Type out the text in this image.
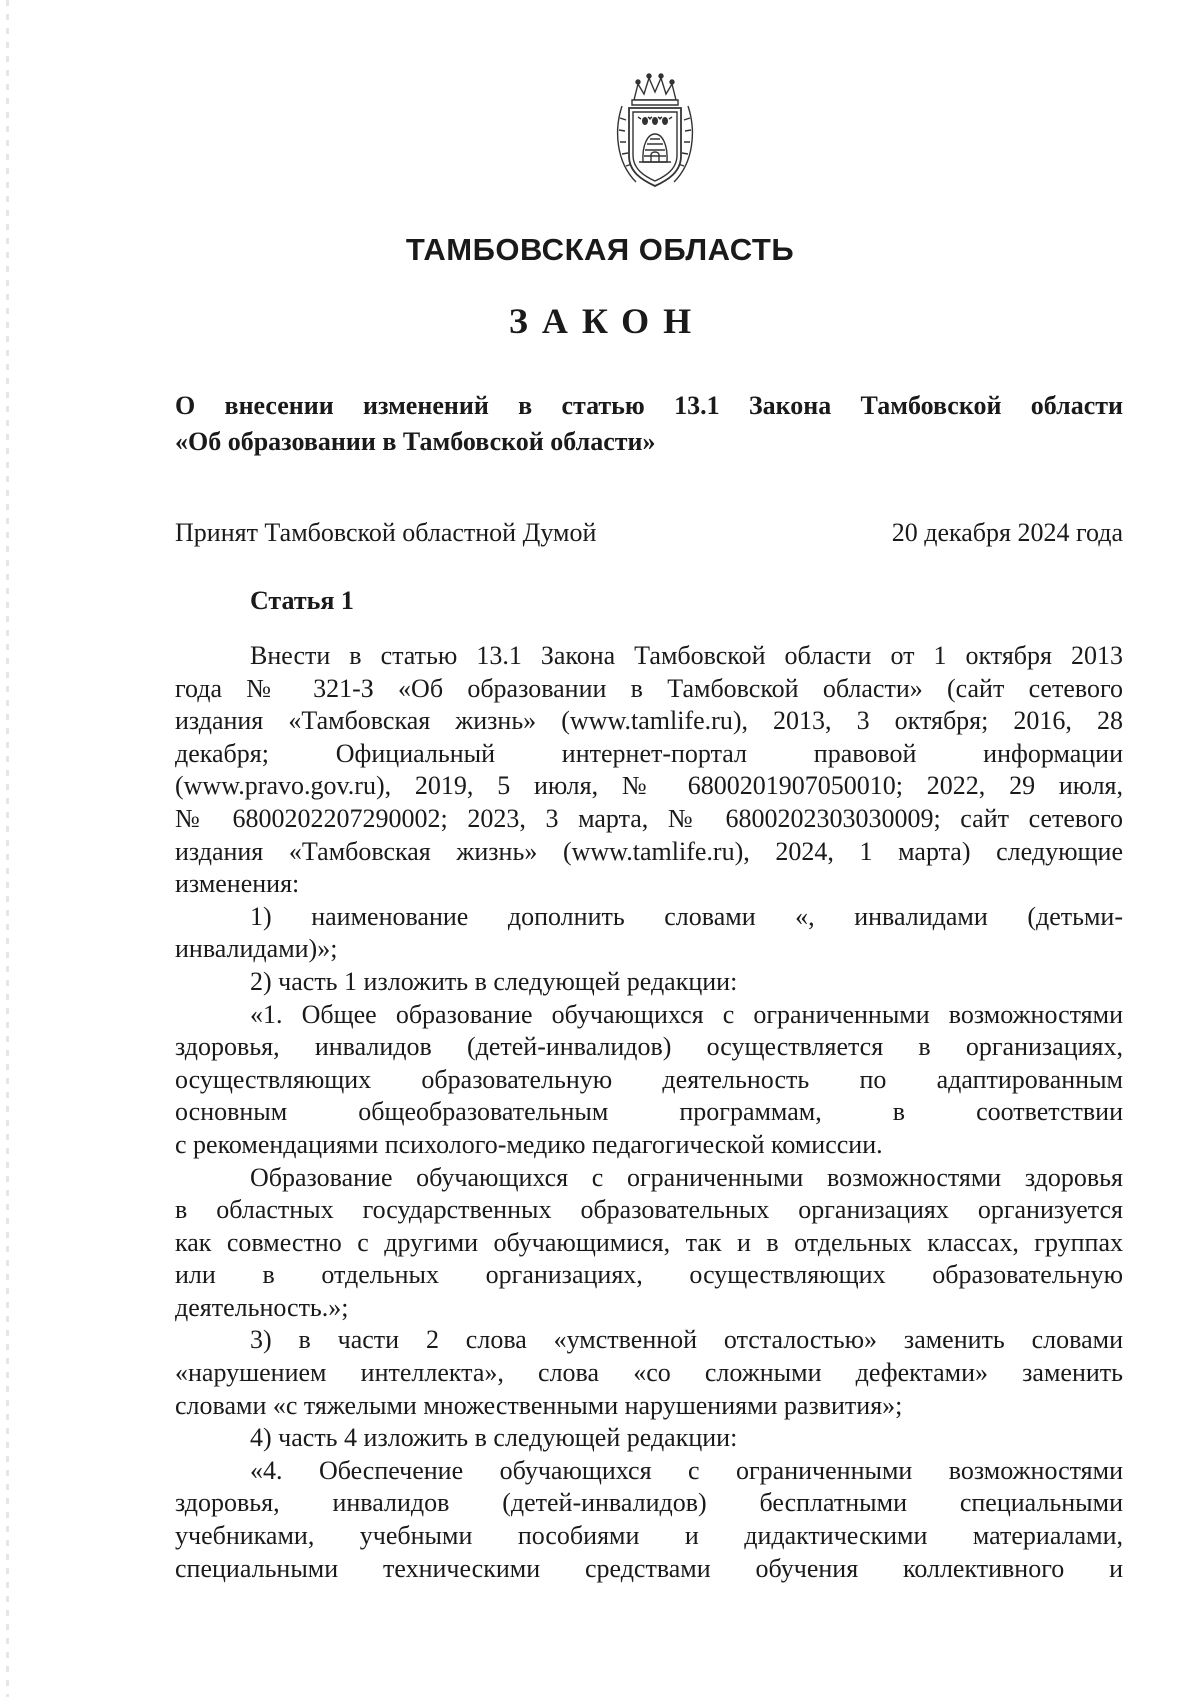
ТАМБОВСКАЯ ОБЛАСТЬ
ЗАКОН
О внесении изменений в статью 13.1 Закона Тамбовской области
«Об образовании в Тамбовской области»
Принят Тамбовской областной Думой	20 декабря 2024 года
Статья 1
Внести в статью 13.1 Закона Тамбовской области от 1 октября 2013
года № 321-З «Об образовании в Тамбовской области» (сайт сетевого
издания «Тамбовская жизнь» (www.tamlife.ru), 2013, 3 октября; 2016, 28
декабря; Официальный интернет-портал правовой информации
(www.pravo.gov.ru), 2019, 5 июля, № 6800201907050010; 2022, 29 июля,
№ 6800202207290002; 2023, 3 марта, № 6800202303030009; сайт сетевого
издания «Тамбовская жизнь» (www.tamlife.ru), 2024, 1 марта) следующие
изменения:
1) наименование дополнить словами «, инвалидами (детьми-
инвалидами)»;
2) часть 1 изложить в следующей редакции:
«1. Общее образование обучающихся с ограниченными возможностями
здоровья, инвалидов (детей-инвалидов) осуществляется в организациях,
осуществляющих образовательную деятельность по адаптированным
основным общеобразовательным программам, в соответствии
с рекомендациями психолого-медико педагогической комиссии.
Образование обучающихся с ограниченными возможностями здоровья
в областных государственных образовательных организациях организуется
как совместно с другими обучающимися, так и в отдельных классах, группах
или в отдельных организациях, осуществляющих образовательную
деятельность.»;
3) в части 2 слова «умственной отсталостью» заменить словами
«нарушением интеллекта», слова «со сложными дефектами» заменить
словами «с тяжелыми множественными нарушениями развития»;
4) часть 4 изложить в следующей редакции:
«4. Обеспечение обучающихся с ограниченными возможностями
здоровья, инвалидов (детей-инвалидов) бесплатными специальными
учебниками, учебными пособиями и дидактическими материалами,
специальными техническими средствами обучения коллективного и
